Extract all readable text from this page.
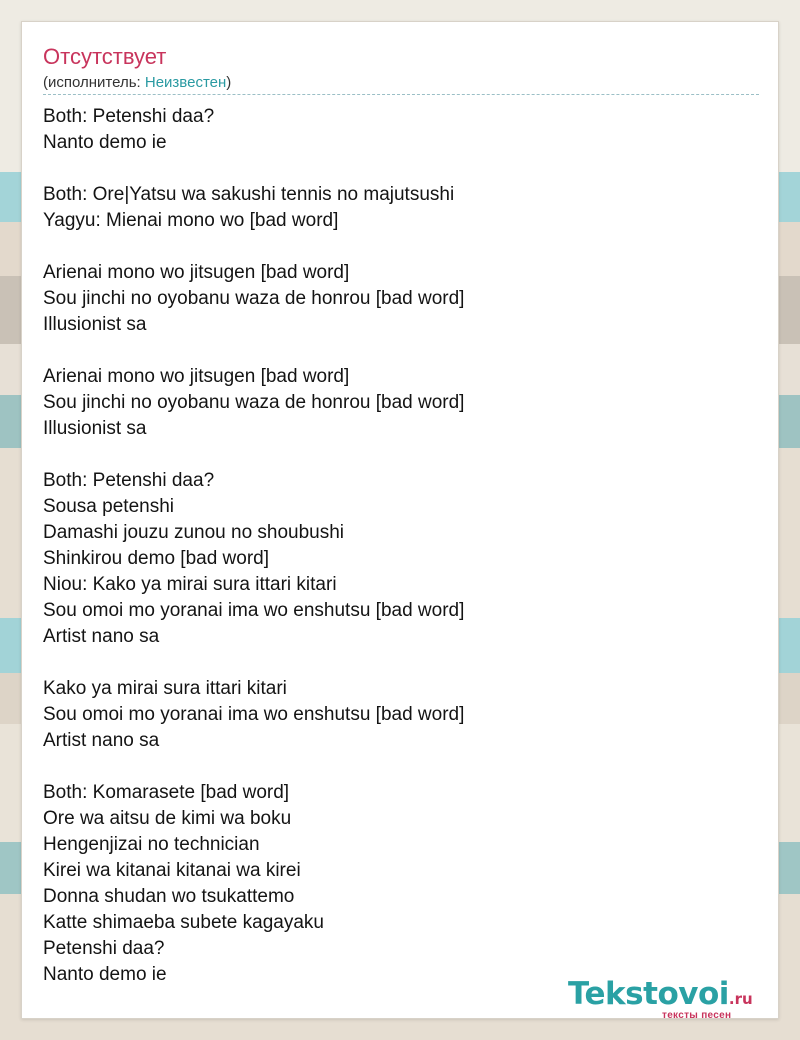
Отсутствует
(исполнитель: Неизвестен)
Both: Petenshi daa?
Nanto demo ie
Both: Ore|Yatsu wa sakushi tennis no majutsushi
Yagyu: Mienai mono wo [bad word]
Arienai mono wo jitsugen [bad word]
Sou jinchi no oyobanu waza de honrou [bad word]
Illusionist sa
Arienai mono wo jitsugen [bad word]
Sou jinchi no oyobanu waza de honrou [bad word]
Illusionist sa
Both: Petenshi daa?
Sousa petenshi
Damashi jouzu zunou no shoubushi
Shinkirou demo [bad word]
Niou: Kako ya mirai sura ittari kitari
Sou omoi mo yoranai ima wo enshutsu [bad word]
Artist nano sa
Kako ya mirai sura ittari kitari
Sou omoi mo yoranai ima wo enshutsu [bad word]
Artist nano sa
Both: Komarasete [bad word]
Ore wa aitsu de kimi wa boku
Hengenjizai no technician
Kirei wa kitanai kitanai wa kirei
Donna shudan wo tsukattemo
Katte shimaeba subete kagayaku
Petenshi daa?
Nanto demo ie
Tekstovoi.ru
тексты песен
